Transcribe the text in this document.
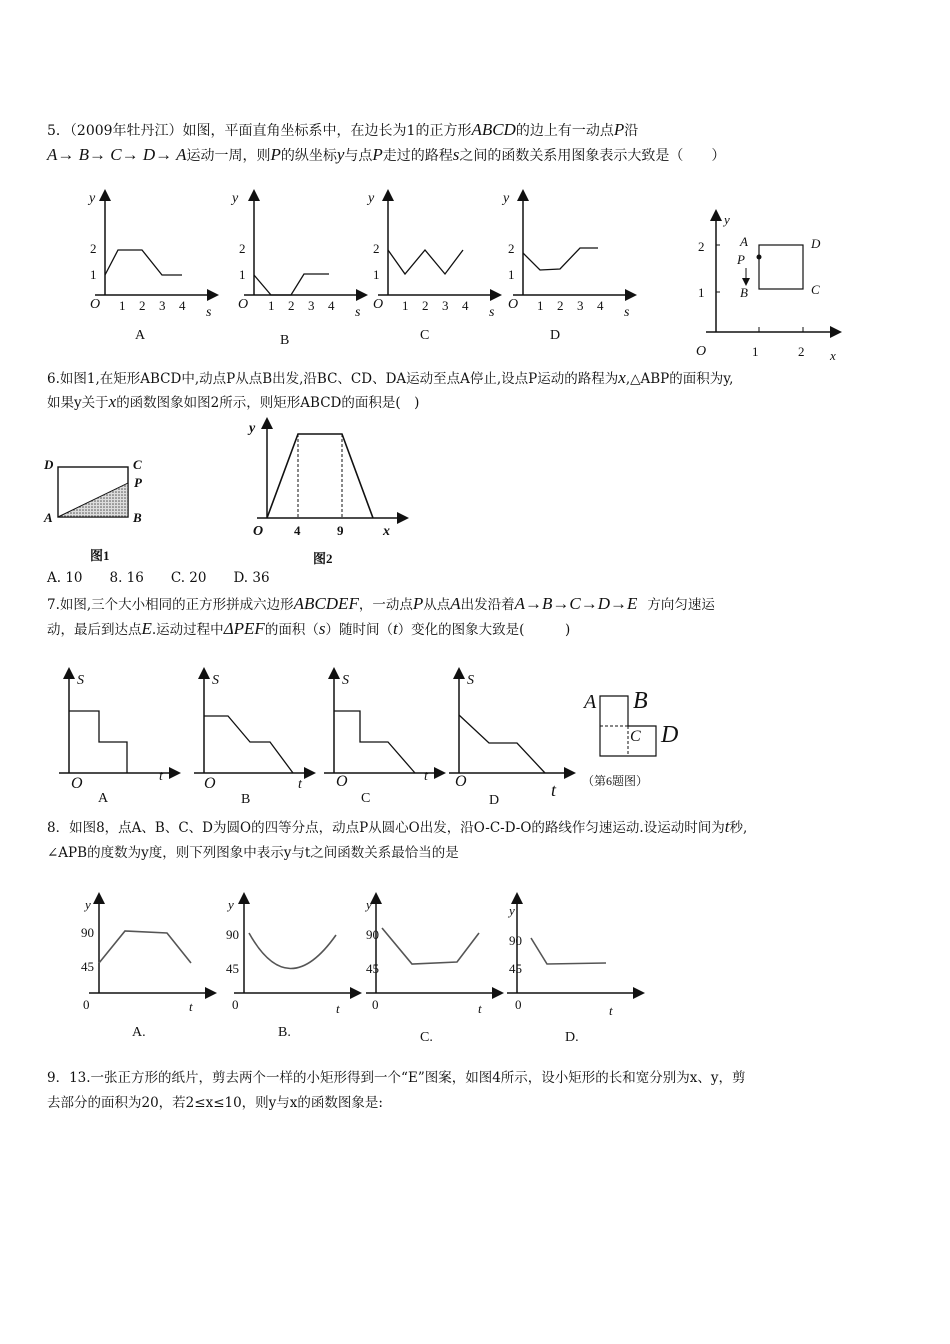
5．（2009年牡丹江）如图，平面直角坐标系中，在边长为1的正方形ABCD的边上有一动点P沿
A→ B→ C→ D→ A运动一周，则P的纵坐标y与点P走过的路程s之间的函数关系用图象表示大致是（　　）
y
O
s
2
1
1 2 3 4
A
y
O
s
2
1
1 2 3 4
B
y
O
s
2
1
1 2 3 4
C
y
O
s
2
1
1 2 3 4
D
y
x
O	1	2
2
1
A
P
B
D
C
6.如图1,在矩形ABCD中,动点P从点B出发,沿BC、CD、DA运动至点A停止,设点P运动的路程为x,△ABP的面积为y,
如果y关于x的函数图象如图2所示，则矩形ABCD的面积是(　)
D	C
P
A	B
图1
y
O 4	9	x
图2
A. 10　　8. 16　　C. 20　　D. 36
7.如图,三个大小相同的正方形拼成六边形ABCDEF，一动点P从点A出发沿着A→B→C→D→E 方向匀速运
动，最后到达点E.运动过程中ΔPEF的面积（s）随时间（t）变化的图象大致是(　　　)
S
O	t
A
S
O	t
B
S
O	t
C
S
O	t
D
A B
C D
（第6题图）
8．如图8，点A、B、C、D为圆O的四等分点，动点P从圆心O出发，沿O-C-D-O的路线作匀速运动.设运动时间为t秒,
∠APB的度数为y度，则下列图象中表示y与t之间函数关系最恰当的是
y
90
45
0	t
A.
y
90
45
0	t
B.
y
90
45
0	t
C.
y
90
45
0	t
D.
9．13.一张正方形的纸片，剪去两个一样的小矩形得到一个“E”图案，如图4所示，设小矩形的长和宽分别为x、y，剪
去部分的面积为20，若2≤x≤10，则y与x的函数图象是:
